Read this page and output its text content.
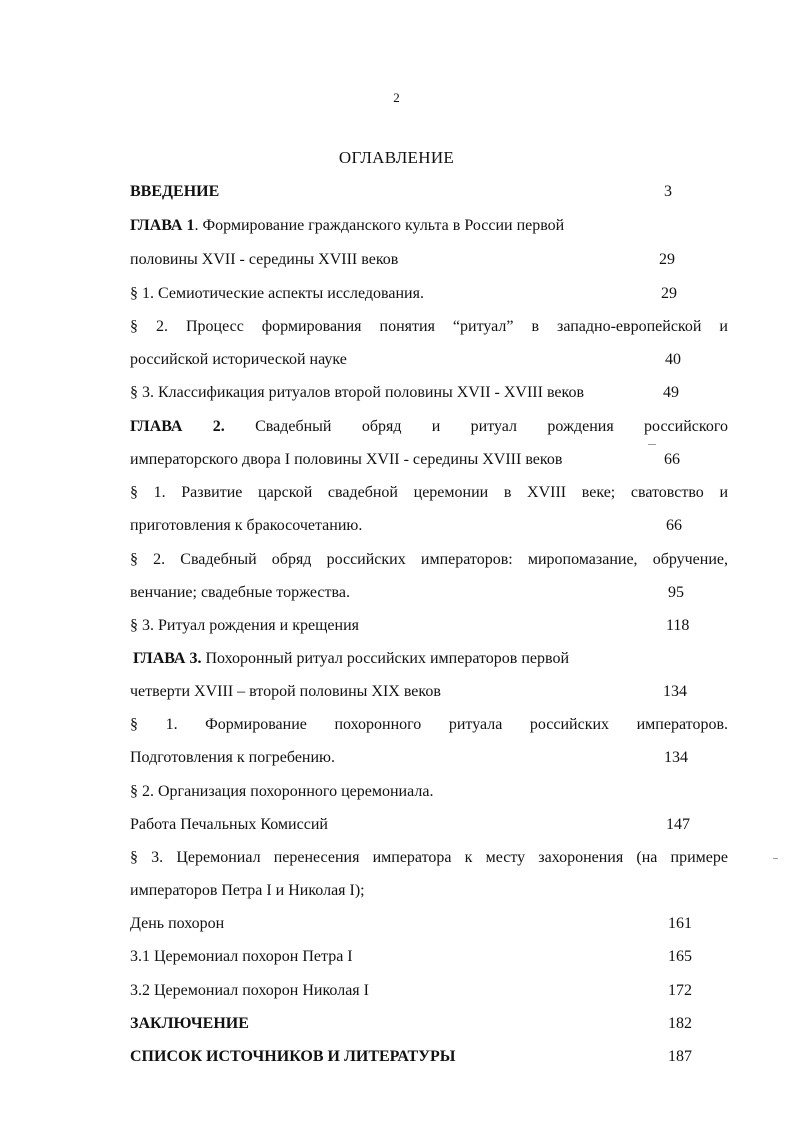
2
ОГЛАВЛЕНИЕ
ВВЕДЕНИЕ	3
ГЛАВА 1. Формирование гражданского культа в России первой
половины XVII - середины XVIII веков	29
§ 1. Семиотические аспекты исследования.	29
§ 2. Процесс формирования понятия “ритуал” в западно-европейской и
российской исторической науке	40
§ 3. Классификация ритуалов второй половины XVII - XVIII веков	49
ГЛАВА 2. Свадебный обряд и ритуал рождения российского
императорского двора I половины XVII - середины XVIII веков	66
§ 1. Развитие царской свадебной церемонии в XVIII веке; сватовство и
приготовления к бракосочетанию.	66
§ 2. Свадебный обряд российских императоров: миропомазание, обручение,
венчание; свадебные торжества.	95
§ 3. Ритуал рождения и крещения	118
ГЛАВА 3. Похоронный ритуал российских императоров первой
четверти XVIII – второй половины XIX веков	134
§ 1. Формирование похоронного ритуала российских императоров.
Подготовления к погребению.	134
§ 2. Организация похоронного церемониала.
Работа Печальных Комиссий	147
§ 3. Церемониал перенесения императора к месту захоронения (на примере
императоров Петра I и Николая I);
День похорон	161
3.1 Церемониал похорон Петра I	165
3.2 Церемониал похорон Николая I	172
ЗАКЛЮЧЕНИЕ	182
СПИСОК ИСТОЧНИКОВ И ЛИТЕРАТУРЫ	187
